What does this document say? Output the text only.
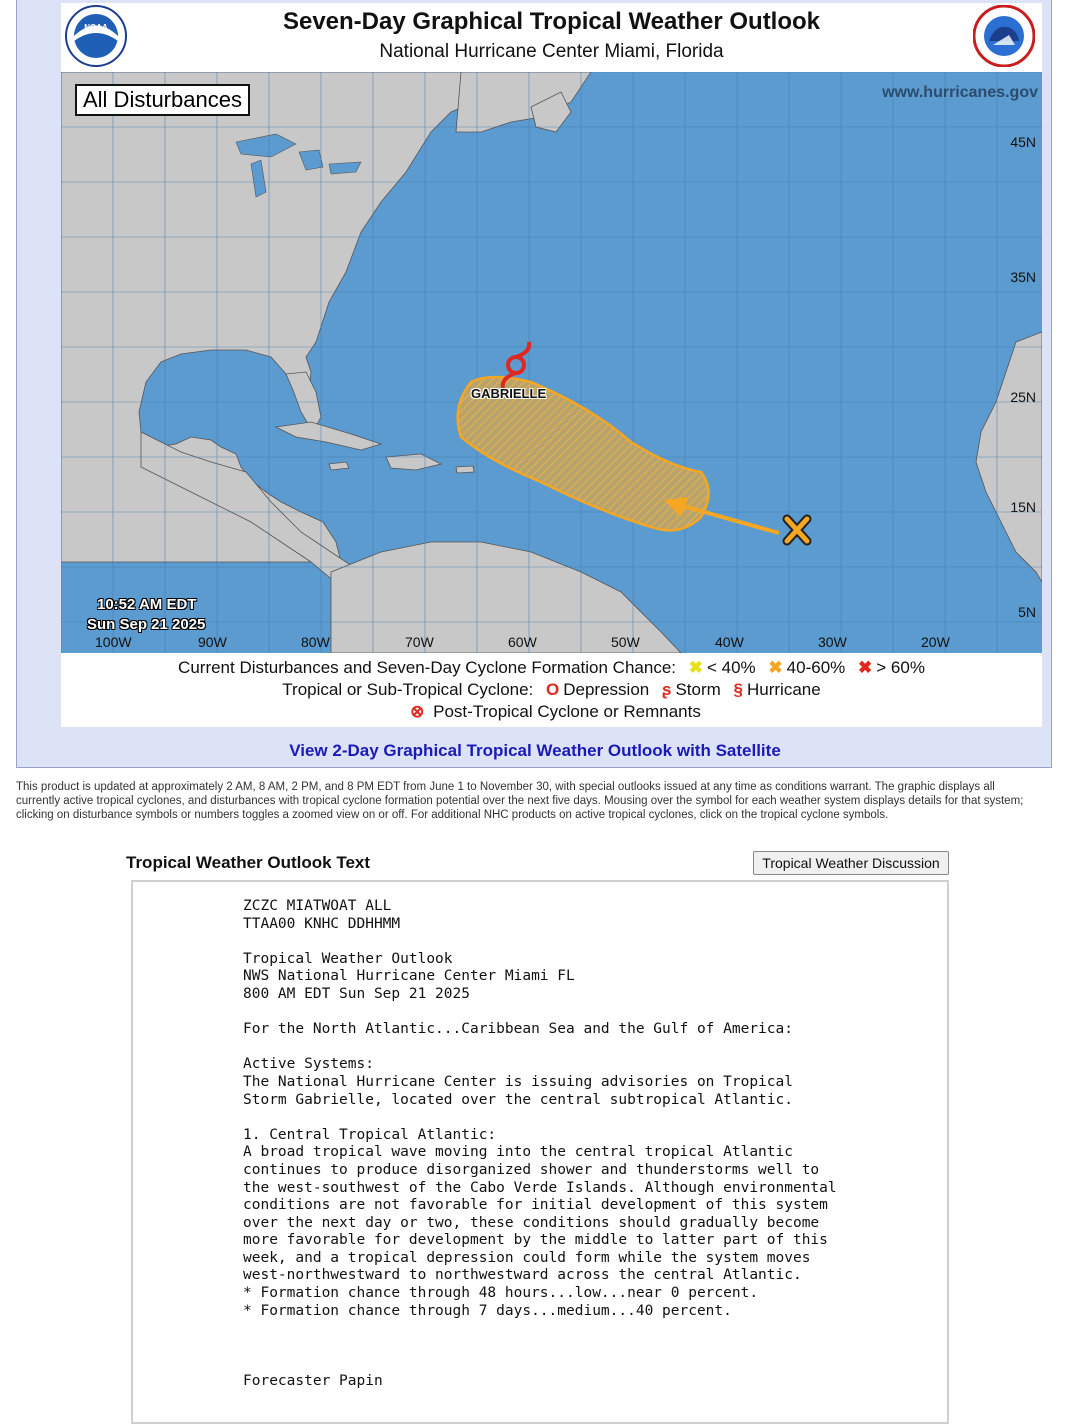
NOAA	Seven-Day Graphical Tropical Weather Outlook
National Hurricane Center Miami, Florida
All Disturbances	www.hurricanes.gov
GABRIELLE
10:52 AM EDT
Sun Sep 21 2025
100W	90W	80W	70W	60W	50W	40W	30W	20W
45N
35N
25N
15N
5N
Current Disturbances and Seven-Day Cyclone Formation Chance: ✖ < 40% ✖ 40-60% ✖ > 60%
Tropical or Sub-Tropical Cyclone: O Depression ʂ Storm § Hurricane
⊗ Post-Tropical Cyclone or Remnants
View 2-Day Graphical Tropical Weather Outlook with Satellite
This product is updated at approximately 2 AM, 8 AM, 2 PM, and 8 PM EDT from June 1 to November 30, with special outlooks issued at any time as conditions warrant. The graphic displays all currently active tropical cyclones, and disturbances with tropical cyclone formation potential over the next five days. Mousing over the symbol for each weather system displays details for that system; clicking on disturbance symbols or numbers toggles a zoomed view on or off. For additional NHC products on active tropical cyclones, click on the tropical cyclone symbols.
Tropical Weather Outlook Text	Tropical Weather Discussion
ZCZC MIATWOAT ALL
TTAA00 KNHC DDHHMM

Tropical Weather Outlook
NWS National Hurricane Center Miami FL
800 AM EDT Sun Sep 21 2025

For the North Atlantic...Caribbean Sea and the Gulf of America:

Active Systems:
The National Hurricane Center is issuing advisories on Tropical
Storm Gabrielle, located over the central subtropical Atlantic.

1. Central Tropical Atlantic:
A broad tropical wave moving into the central tropical Atlantic
continues to produce disorganized shower and thunderstorms well to
the west-southwest of the Cabo Verde Islands. Although environmental
conditions are not favorable for initial development of this system
over the next day or two, these conditions should gradually become
more favorable for development by the middle to latter part of this
week, and a tropical depression could form while the system moves
west-northwestward to northwestward across the central Atlantic.
* Formation chance through 48 hours...low...near 0 percent.
* Formation chance through 7 days...medium...40 percent.

Forecaster Papin
